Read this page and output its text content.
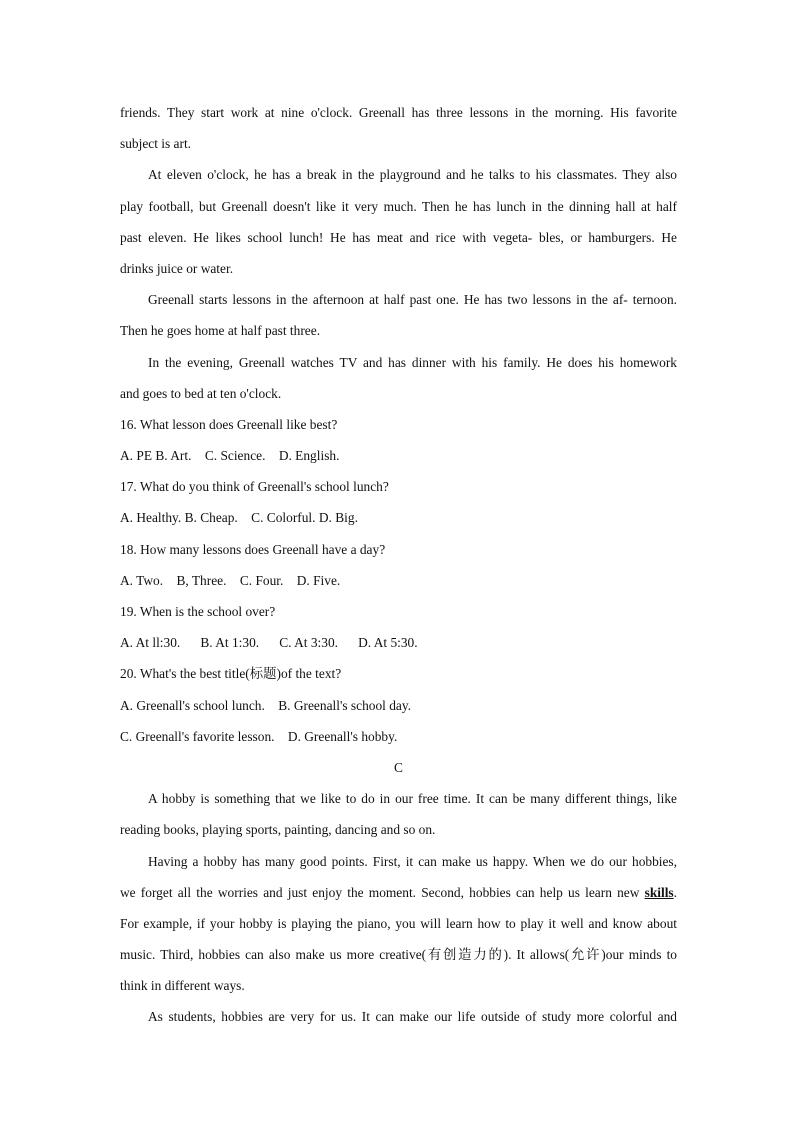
friends. They start work at nine o'clock. Greenall has three lessons in the morning. His favorite

subject is art.

At eleven o'clock, he has a break in the playground and he talks to his classmates. They also

play football, but Greenall doesn't like it very much. Then he has lunch in the dinning hall at half

past eleven. He likes school lunch! He has meat and rice with vegeta- bles, or hamburgers. He

drinks juice or water.

Greenall starts lessons in the afternoon at half past one. He has two lessons in the af- ternoon.

Then he goes home at half past three.

In the evening, Greenall watches TV and has dinner with his family. He does his homework

and goes to bed at ten o'clock.

16. What lesson does Greenall like best?

A. PE B. Art.    C. Science.    D. English.

17. What do you think of Greenall's school lunch?

A. Healthy. B. Cheap.    C. Colorful. D. Big.

18. How many lessons does Greenall have a day?

A. Two.    B, Three.    C. Four.    D. Five.

19. When is the school over?

A. At ll:30.      B. At 1:30.      C. At 3:30.      D. At 5:30.

20. What's the best title(标题)of the text?

A. Greenall's school lunch.    B. Greenall's school day.

C. Greenall's favorite lesson.    D. Greenall's hobby.

C

A hobby is something that we like to do in our free time. It can be many different things, like

reading books, playing sports, painting, dancing and so on.

Having a hobby has many good points. First, it can make us happy. When we do our hobbies,

we forget all the worries and just enjoy the moment. Second, hobbies can help us learn new skills.

For example, if your hobby is playing the piano, you will learn how to play it well and know about

music. Third, hobbies can also make us more creative(有创造力的). It allows(允许)our minds to

think in different ways.

As students, hobbies are very for us. It can make our life outside of study more colorful and
